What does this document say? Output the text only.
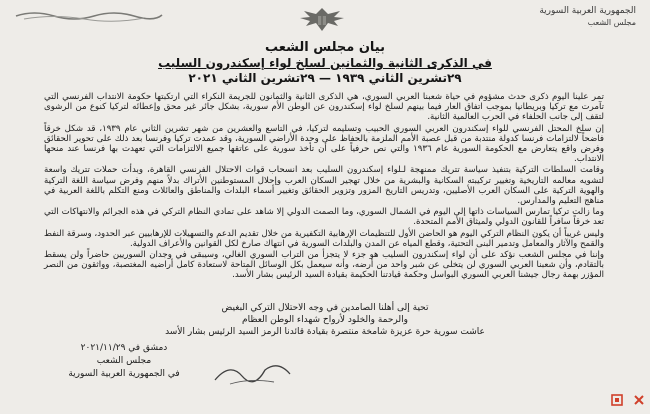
الجمهورية العربية السورية
مجلس الشعب
بيان مجلس الشعب
في الذكرى الثانية والثمانين لسلخ لواء إسكندرون السليب
٢٩تشرين الثاني ١٩٣٩ — ٢٩تشرين الثاني ٢٠٢١

تمر علينا اليوم ذكرى حدث مشؤوم في حياة شعبنا العربي السوري، هي الذكرى الثانية والثمانون للجريمة النكراء التي ارتكبتها حكومة الانتداب الفرنسي التي تآمرت مع تركيا وبريطانيا بموجب اتفاق العار فيما بينهم لسلخ لواء إسكندرون عن الوطن الأم سورية، بشكل جائر غير محق وإعطائه لتركيا كنوع من الرشوى لتقف إلى جانب الحلفاء في الحرب العالمية الثانية.

إن سلخ المحتل الفرنسي للواء إسكندرون العربي السوري الحبيب وتسليمه لتركيا، في التاسع والعشرين من شهر تشرين الثاني عام ١٩٣٩، قد شكل خرقاً فاضحاً لالتزامات فرنسا كدولة منتدبة من قبل عصبة الأمم الملزمة بالحفاظ على وحدة الأراضي السورية، وقد عمدت تركيا وفرنسا بعد ذلك على تحوير الحقائق وفرض واقع يتعارض مع الحكومة السورية عام ١٩٣٦ والتي نص حرفياً على أن تأخذ سورية على عاتقها جميع الالتزامات التي تعهدت بها فرنسا عند منحها الانتداب.

وقامت السلطات التركية بتنفيذ سياسة تتريك ممنهجة لـلواء إسكندرون السليب بعد انسحاب قوات الاحتلال الفرنسي القاهرة، وبدأت حملات تتريك واسعة لتشويه معالمه التاريخية وتغيير تركيبته السكانية والبشرية من خلال تهجير السكان العرب وإحلال المستوطنين الأتراك بدلاً منهم وفرض سياسة اللغة التركية والهوية التركية على السكان العرب الأصليين، وتدريس التاريخ المزور وتزوير الحقائق وتغيير أسماء البلدات والمناطق والعائلات ومنع التكلم باللغة العربية في مناهج التعليم والمدارس.

وما زالت تركيا تمارس السياسات ذاتها إلى اليوم في الشمال السوري، وما الصمت الدولي إلا شاهد على تمادي النظام التركي في هذه الجرائم والانتهاكات التي تعد خرقاً سافراً للقانون الدولي ولميثاق الأمم المتحدة.

وليس غريباً أن يكون النظام التركي اليوم هو الحاضن الأول للتنظيمات الإرهابية التكفيرية من خلال تقديم الدعم والتسهيلات للإرهابيين عبر الحدود، وسرقة النفط والقمح والآثار والمعامل وتدمير البنى التحتية، وقطع المياه عن المدن والبلدات السورية في انتهاك صارخ لكل القوانين والأعراف الدولية.

وإننا في مجلس الشعب نؤكد على أن لواء إسكندرون السليب هو جزء لا يتجزأ من التراب السوري الغالي، وسيبقى في وجدان السوريين حاضراً ولن يسقط بالتقادم، وأن شعبنا العربي السوري لن يتخلى عن شبر واحد من أرضه، وأنه سيعمل بكل الوسائل المتاحة لاستعادة كامل أراضيه المغتصبة، وواثقون من النصر المؤزر بهمة رجال جيشنا العربي السوري البواسل وحكمة قيادتنا الحكيمة بقيادة السيد الرئيس بشار الأسد.

تحية إلى أهلنا الصامدين في وجه الاحتلال التركي البغيض
والرحمة والخلود لأرواح شهداء الوطن العظام
عاشت سورية حرة عزيزة شامخة منتصرة بقيادة قائدنا الرمز السيد الرئيس بشار الأسد
دمشق في ٢٠٢١/١١/٢٩
مجلس الشعب
في الجمهورية العربية السورية
